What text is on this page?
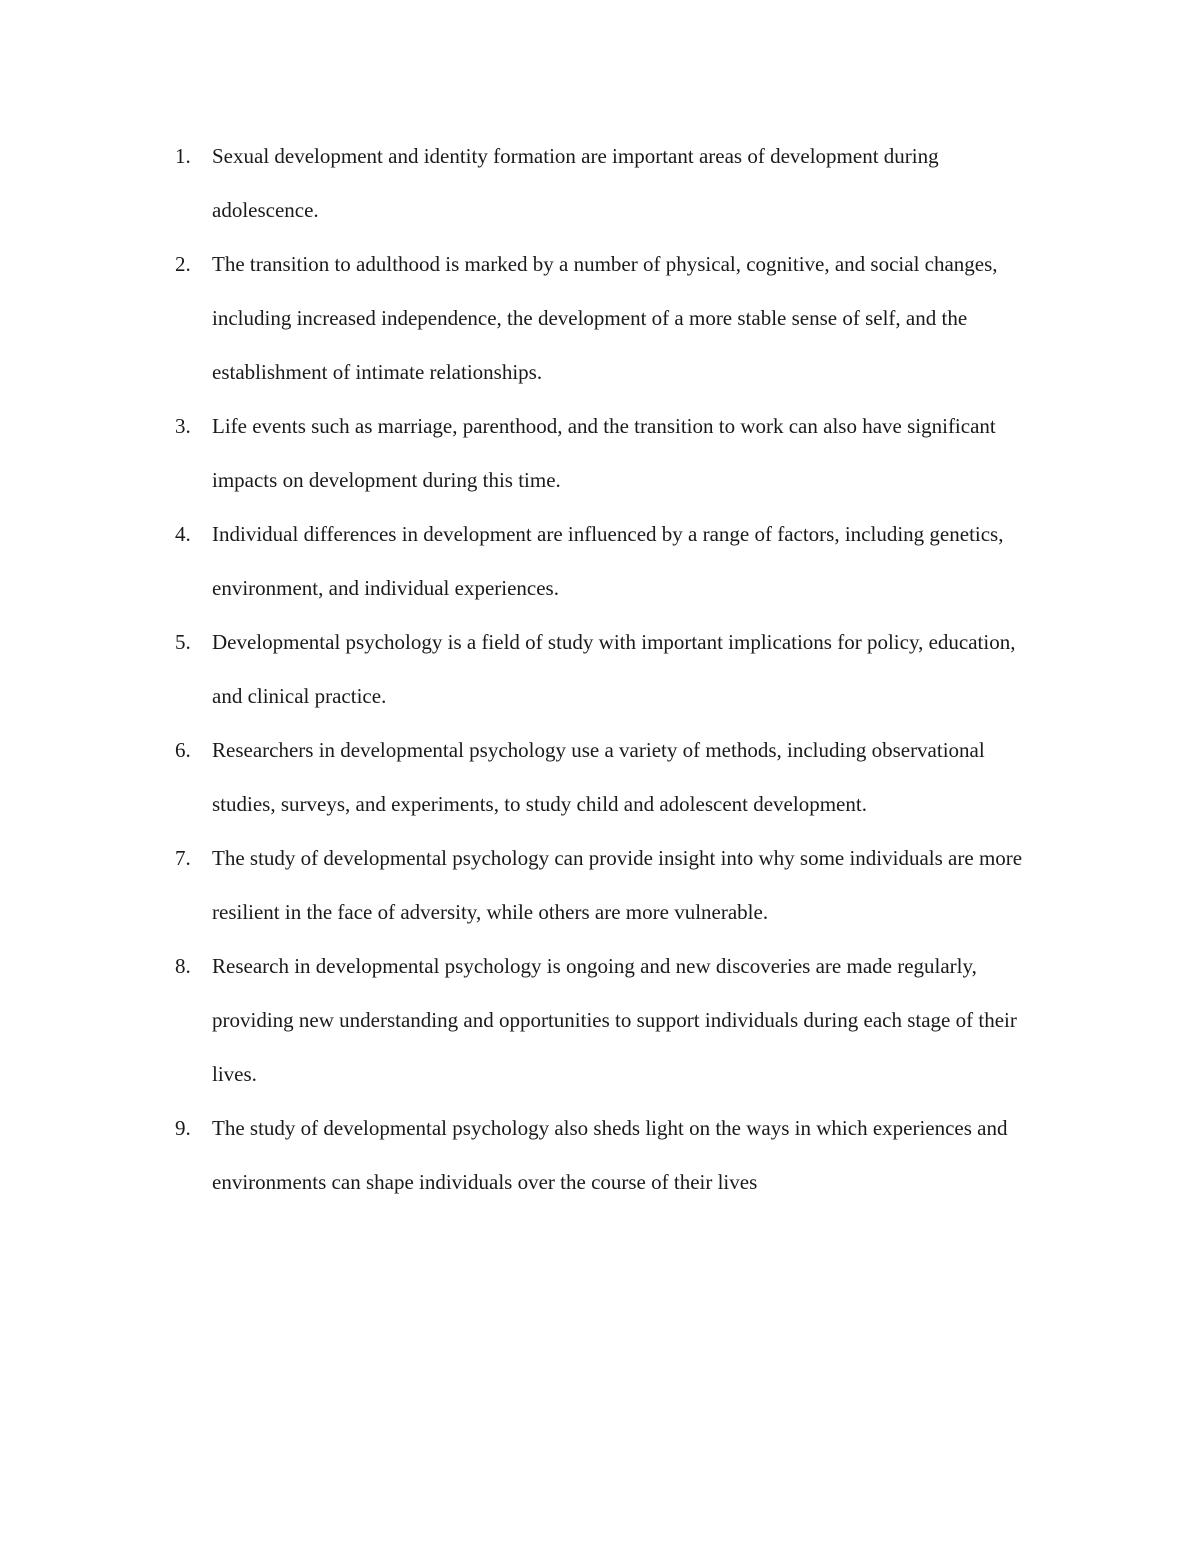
1. Sexual development and identity formation are important areas of development during adolescence.
2. The transition to adulthood is marked by a number of physical, cognitive, and social changes, including increased independence, the development of a more stable sense of self, and the establishment of intimate relationships.
3. Life events such as marriage, parenthood, and the transition to work can also have significant impacts on development during this time.
4. Individual differences in development are influenced by a range of factors, including genetics, environment, and individual experiences.
5. Developmental psychology is a field of study with important implications for policy, education, and clinical practice.
6. Researchers in developmental psychology use a variety of methods, including observational studies, surveys, and experiments, to study child and adolescent development.
7. The study of developmental psychology can provide insight into why some individuals are more resilient in the face of adversity, while others are more vulnerable.
8. Research in developmental psychology is ongoing and new discoveries are made regularly, providing new understanding and opportunities to support individuals during each stage of their lives.
9. The study of developmental psychology also sheds light on the ways in which experiences and environments can shape individuals over the course of their lives
